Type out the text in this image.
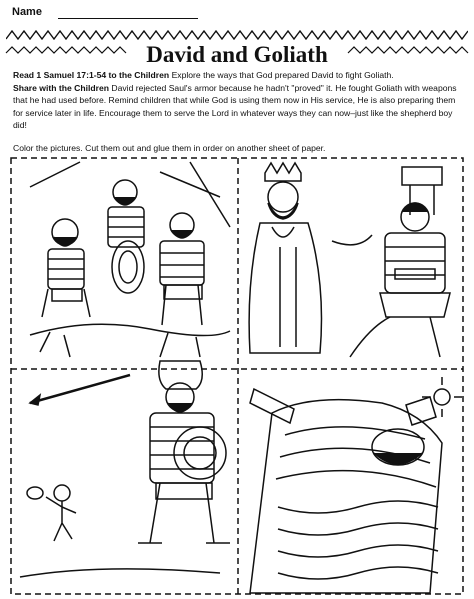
Name
David and Goliath
Read 1 Samuel 17:1-54 to the Children Explore the ways that God prepared David to fight Goliath.
Share with the Children David rejected Saul's armor because he hadn't "proved" it. He fought Goliath with weapons that he had used before. Remind children that while God is using them now in His service, He is also preparing them for service later in life. Encourage them to serve the Lord in whatever ways they can now–just like the shepherd boy did!
Color the pictures. Cut them out and glue them in order on another sheet of paper.
